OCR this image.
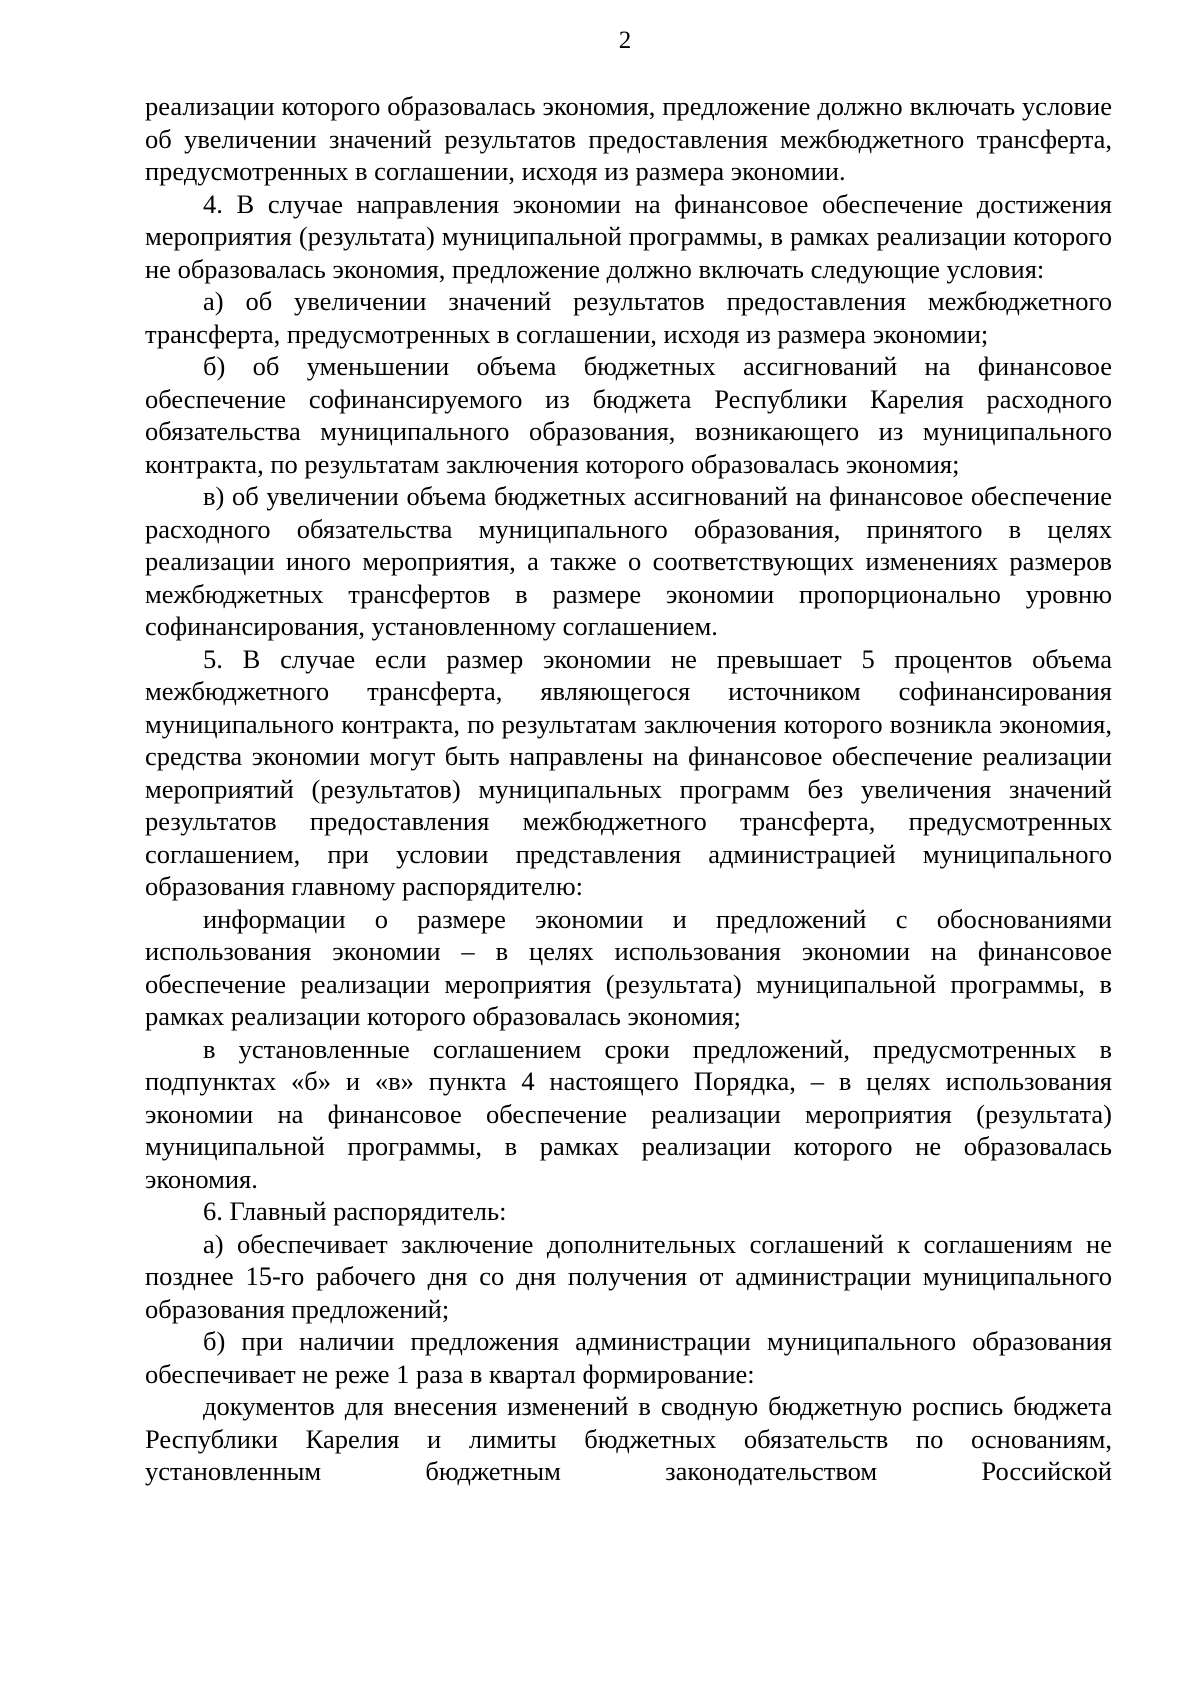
2

реализации которого образовалась экономия, предложение должно включать условие об увеличении значений результатов предоставления межбюджетного трансферта, предусмотренных в соглашении, исходя из размера экономии.

4. В случае направления экономии на финансовое обеспечение достижения мероприятия (результата) муниципальной программы, в рамках реализации которого не образовалась экономия, предложение должно включать следующие условия:

а) об увеличении значений результатов предоставления межбюджетного трансферта, предусмотренных в соглашении, исходя из размера экономии;

б) об уменьшении объема бюджетных ассигнований на финансовое обеспечение софинансируемого из бюджета Республики Карелия расходного обязательства муниципального образования, возникающего из муниципального контракта, по результатам заключения которого образовалась экономия;

в) об увеличении объема бюджетных ассигнований на финансовое обеспечение расходного обязательства муниципального образования, принятого в целях реализации иного мероприятия, а также о соответствующих изменениях размеров межбюджетных трансфертов в размере экономии пропорционально уровню софинансирования, установленному соглашением.

5. В случае если размер экономии не превышает 5 процентов объема межбюджетного трансферта, являющегося источником софинансирования муниципального контракта, по результатам заключения которого возникла экономия, средства экономии могут быть направлены на финансовое обеспечение реализации мероприятий (результатов) муниципальных программ без увеличения значений результатов предоставления межбюджетного трансферта, предусмотренных соглашением, при условии представления администрацией муниципального образования главному распорядителю:

информации о размере экономии и предложений с обоснованиями использования экономии – в целях использования экономии на финансовое обеспечение реализации мероприятия (результата) муниципальной программы, в рамках реализации которого образовалась экономия;

в установленные соглашением сроки предложений, предусмотренных в подпунктах «б» и «в» пункта 4 настоящего Порядка, – в целях использования экономии на финансовое обеспечение реализации мероприятия (результата) муниципальной программы, в рамках реализации которого не образовалась экономия.

6. Главный распорядитель:

а) обеспечивает заключение дополнительных соглашений к соглашениям не позднее 15-го рабочего дня со дня получения от администрации муниципального образования предложений;

б) при наличии предложения администрации муниципального образования обеспечивает не реже 1 раза в квартал формирование:

документов для внесения изменений в сводную бюджетную роспись бюджета Республики Карелия и лимиты бюджетных обязательств по основаниям, установленным бюджетным законодательством Российской
